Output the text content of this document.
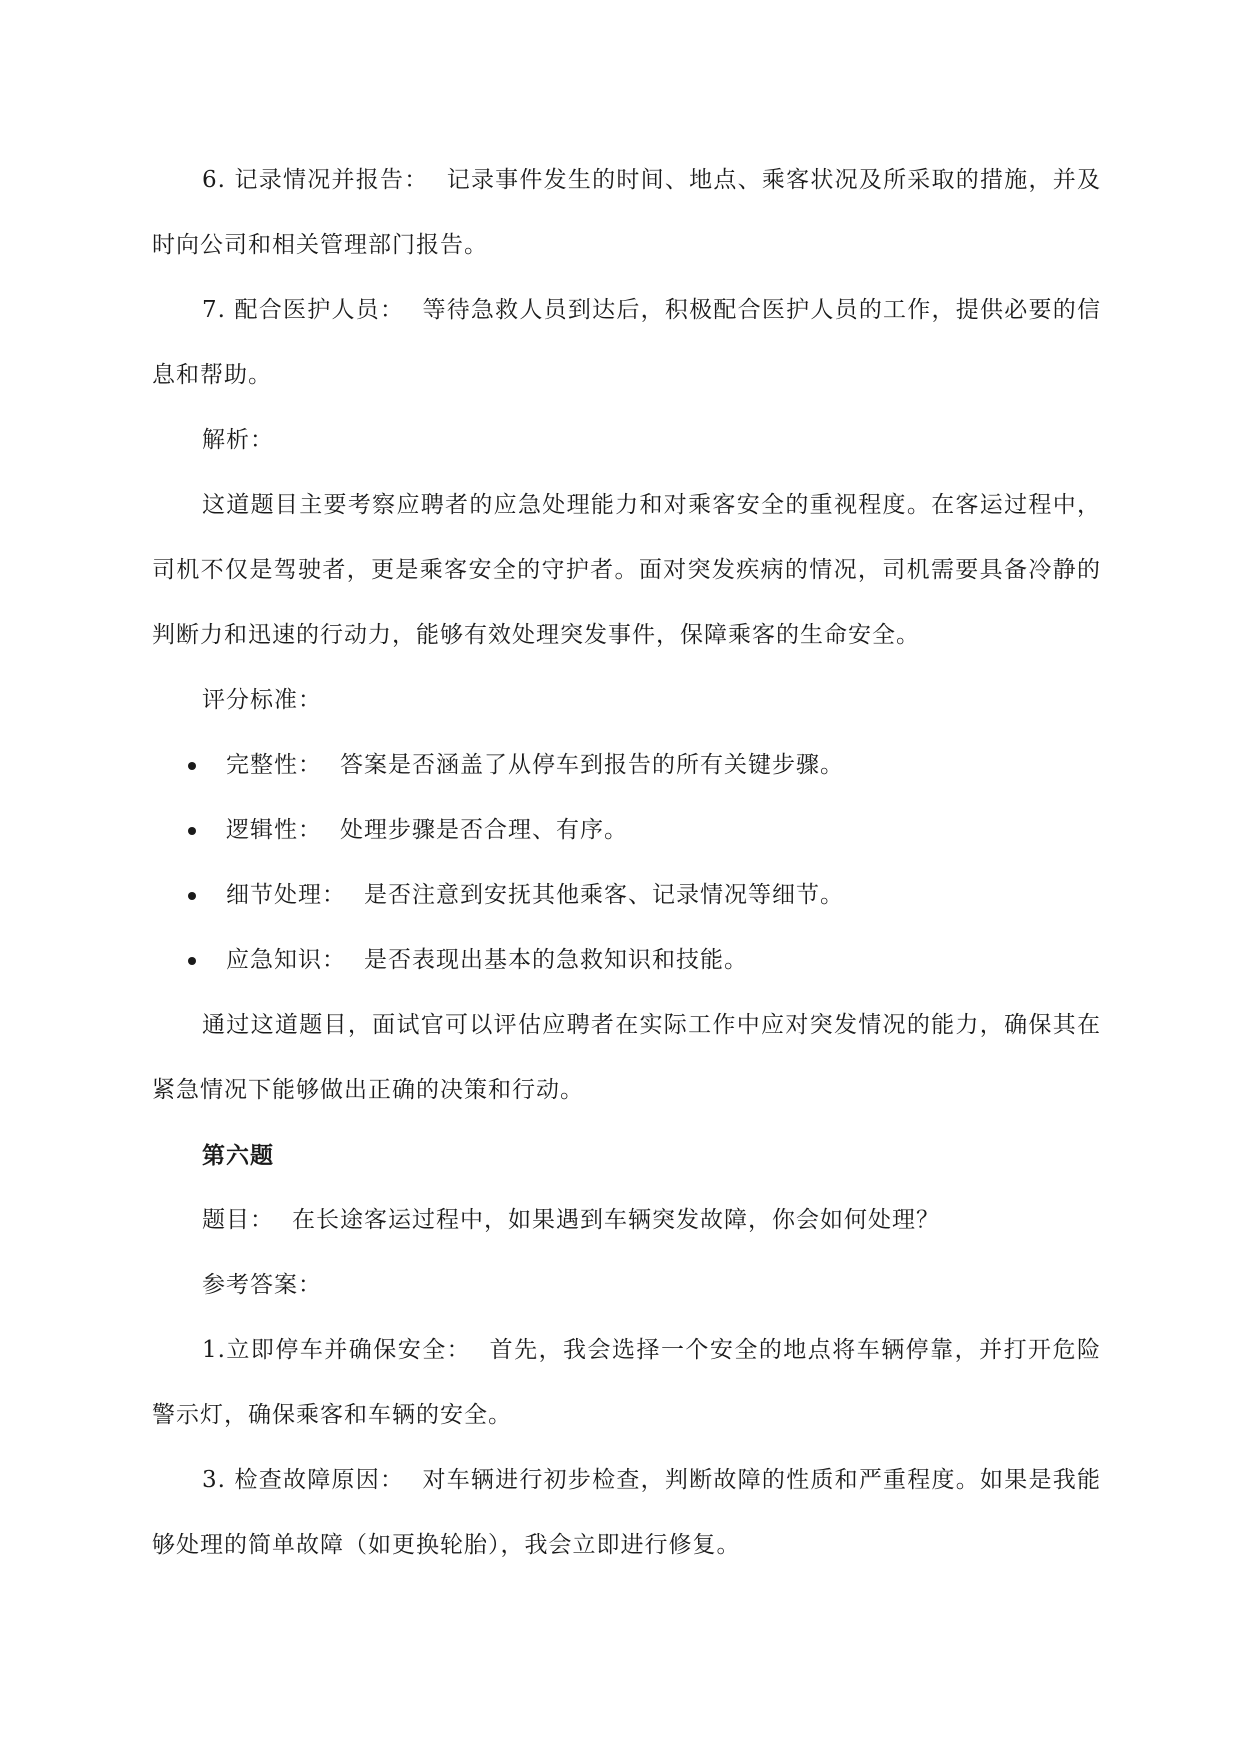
6. 记录情况并报告： 记录事件发生的时间、地点、乘客状况及所采取的措施，并及时向公司和相关管理部门报告。

7. 配合医护人员： 等待急救人员到达后，积极配合医护人员的工作，提供必要的信息和帮助。

解析：

这道题目主要考察应聘者的应急处理能力和对乘客安全的重视程度。在客运过程中，司机不仅是驾驶者，更是乘客安全的守护者。面对突发疾病的情况，司机需要具备冷静的判断力和迅速的行动力，能够有效处理突发事件，保障乘客的生命安全。

评分标准：

完整性： 答案是否涵盖了从停车到报告的所有关键步骤。
逻辑性： 处理步骤是否合理、有序。
细节处理： 是否注意到安抚其他乘客、记录情况等细节。
应急知识： 是否表现出基本的急救知识和技能。

通过这道题目，面试官可以评估应聘者在实际工作中应对突发情况的能力，确保其在紧急情况下能够做出正确的决策和行动。

第六题

题目： 在长途客运过程中，如果遇到车辆突发故障，你会如何处理？

参考答案：

1.立即停车并确保安全： 首先，我会选择一个安全的地点将车辆停靠，并打开危险警示灯，确保乘客和车辆的安全。

3. 检查故障原因： 对车辆进行初步检查，判断故障的性质和严重程度。如果是我能够处理的简单故障（如更换轮胎），我会立即进行修复。
